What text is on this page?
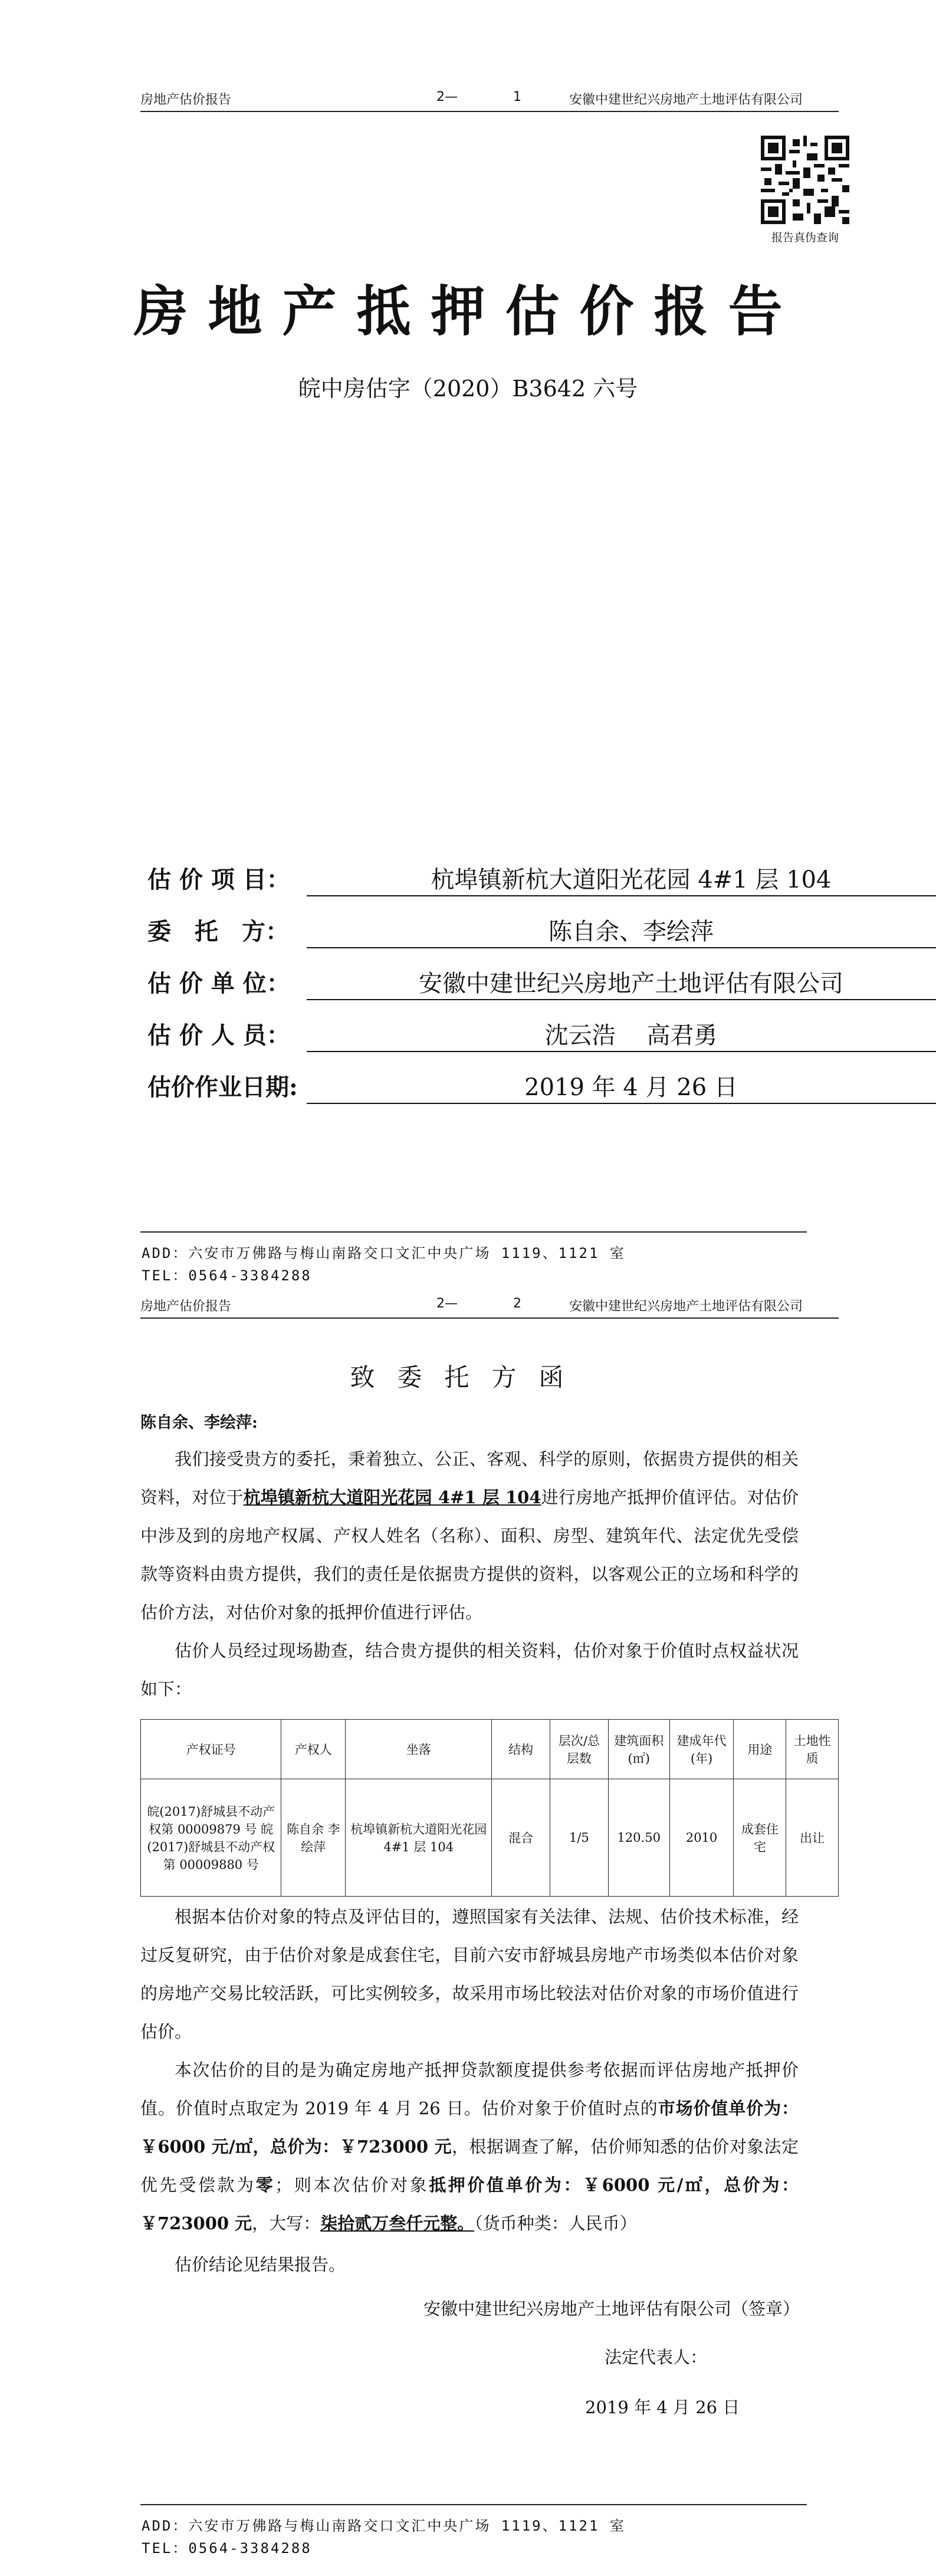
房地产估价报告	2—	1	安徽中建世纪兴房地产土地评估有限公司
报告真伪查询
房地产抵押估价报告
皖中房估字（2020）B3642 六号
估 价 项 目：	杭埠镇新杭大道阳光花园 4#1 层 104
委　托　方：	陈自余、李绘萍
估 价 单 位：	安徽中建世纪兴房地产土地评估有限公司
估 价 人 员：	沈云浩　 高君勇
估价作业日期:	2019 年 4 月 26 日
ADD：六安市万佛路与梅山南路交口文汇中央广场 1119、1121 室
TEL：0564-3384288
房地产估价报告	2—	2	安徽中建世纪兴房地产土地评估有限公司
致委托方函
陈自余、李绘萍:

我们接受贵方的委托，秉着独立、公正、客观、科学的原则，依据贵方提供的相关资料，对位于杭埠镇新杭大道阳光花园 4#1 层 104进行房地产抵押价值评估。对估价中涉及到的房地产权属、产权人姓名（名称）、面积、房型、建筑年代、法定优先受偿款等资料由贵方提供，我们的责任是依据贵方提供的资料，以客观公正的立场和科学的估价方法，对估价对象的抵押价值进行评估。

估价人员经过现场勘查，结合贵方提供的相关资料，估价对象于价值时点权益状况如下：

产权证号	产权人	坐落	结构	层次/总层数	建筑面积(㎡)	建成年代(年)	用途	土地性质
皖(2017)舒城县不动产权第 00009879 号 皖(2017)舒城县不动产权第 00009880 号	陈自余 李绘萍	杭埠镇新杭大道阳光花园 4#1 层 104	混合	1/5	120.50	2010	成套住宅	出让

根据本估价对象的特点及评估目的，遵照国家有关法律、法规、估价技术标准，经过反复研究，由于估价对象是成套住宅，目前六安市舒城县房地产市场类似本估价对象的房地产交易比较活跃，可比实例较多，故采用市场比较法对估价对象的市场价值进行估价。

本次估价的目的是为确定房地产抵押贷款额度提供参考依据而评估房地产抵押价值。价值时点取定为 2019 年 4 月 26 日。估价对象于价值时点的市场价值单价为：￥6000 元/㎡，总价为：￥723000 元，根据调查了解，估价师知悉的估价对象法定优先受偿款为零；则本次估价对象抵押价值单价为：￥6000 元/㎡，总价为：￥723000 元，大写：柒拾贰万叁仟元整。（货币种类：人民币）

估价结论见结果报告。

安徽中建世纪兴房地产土地评估有限公司（签章）
法定代表人：
2019 年 4 月 26 日
ADD：六安市万佛路与梅山南路交口文汇中央广场 1119、1121 室
TEL：0564-3384288
